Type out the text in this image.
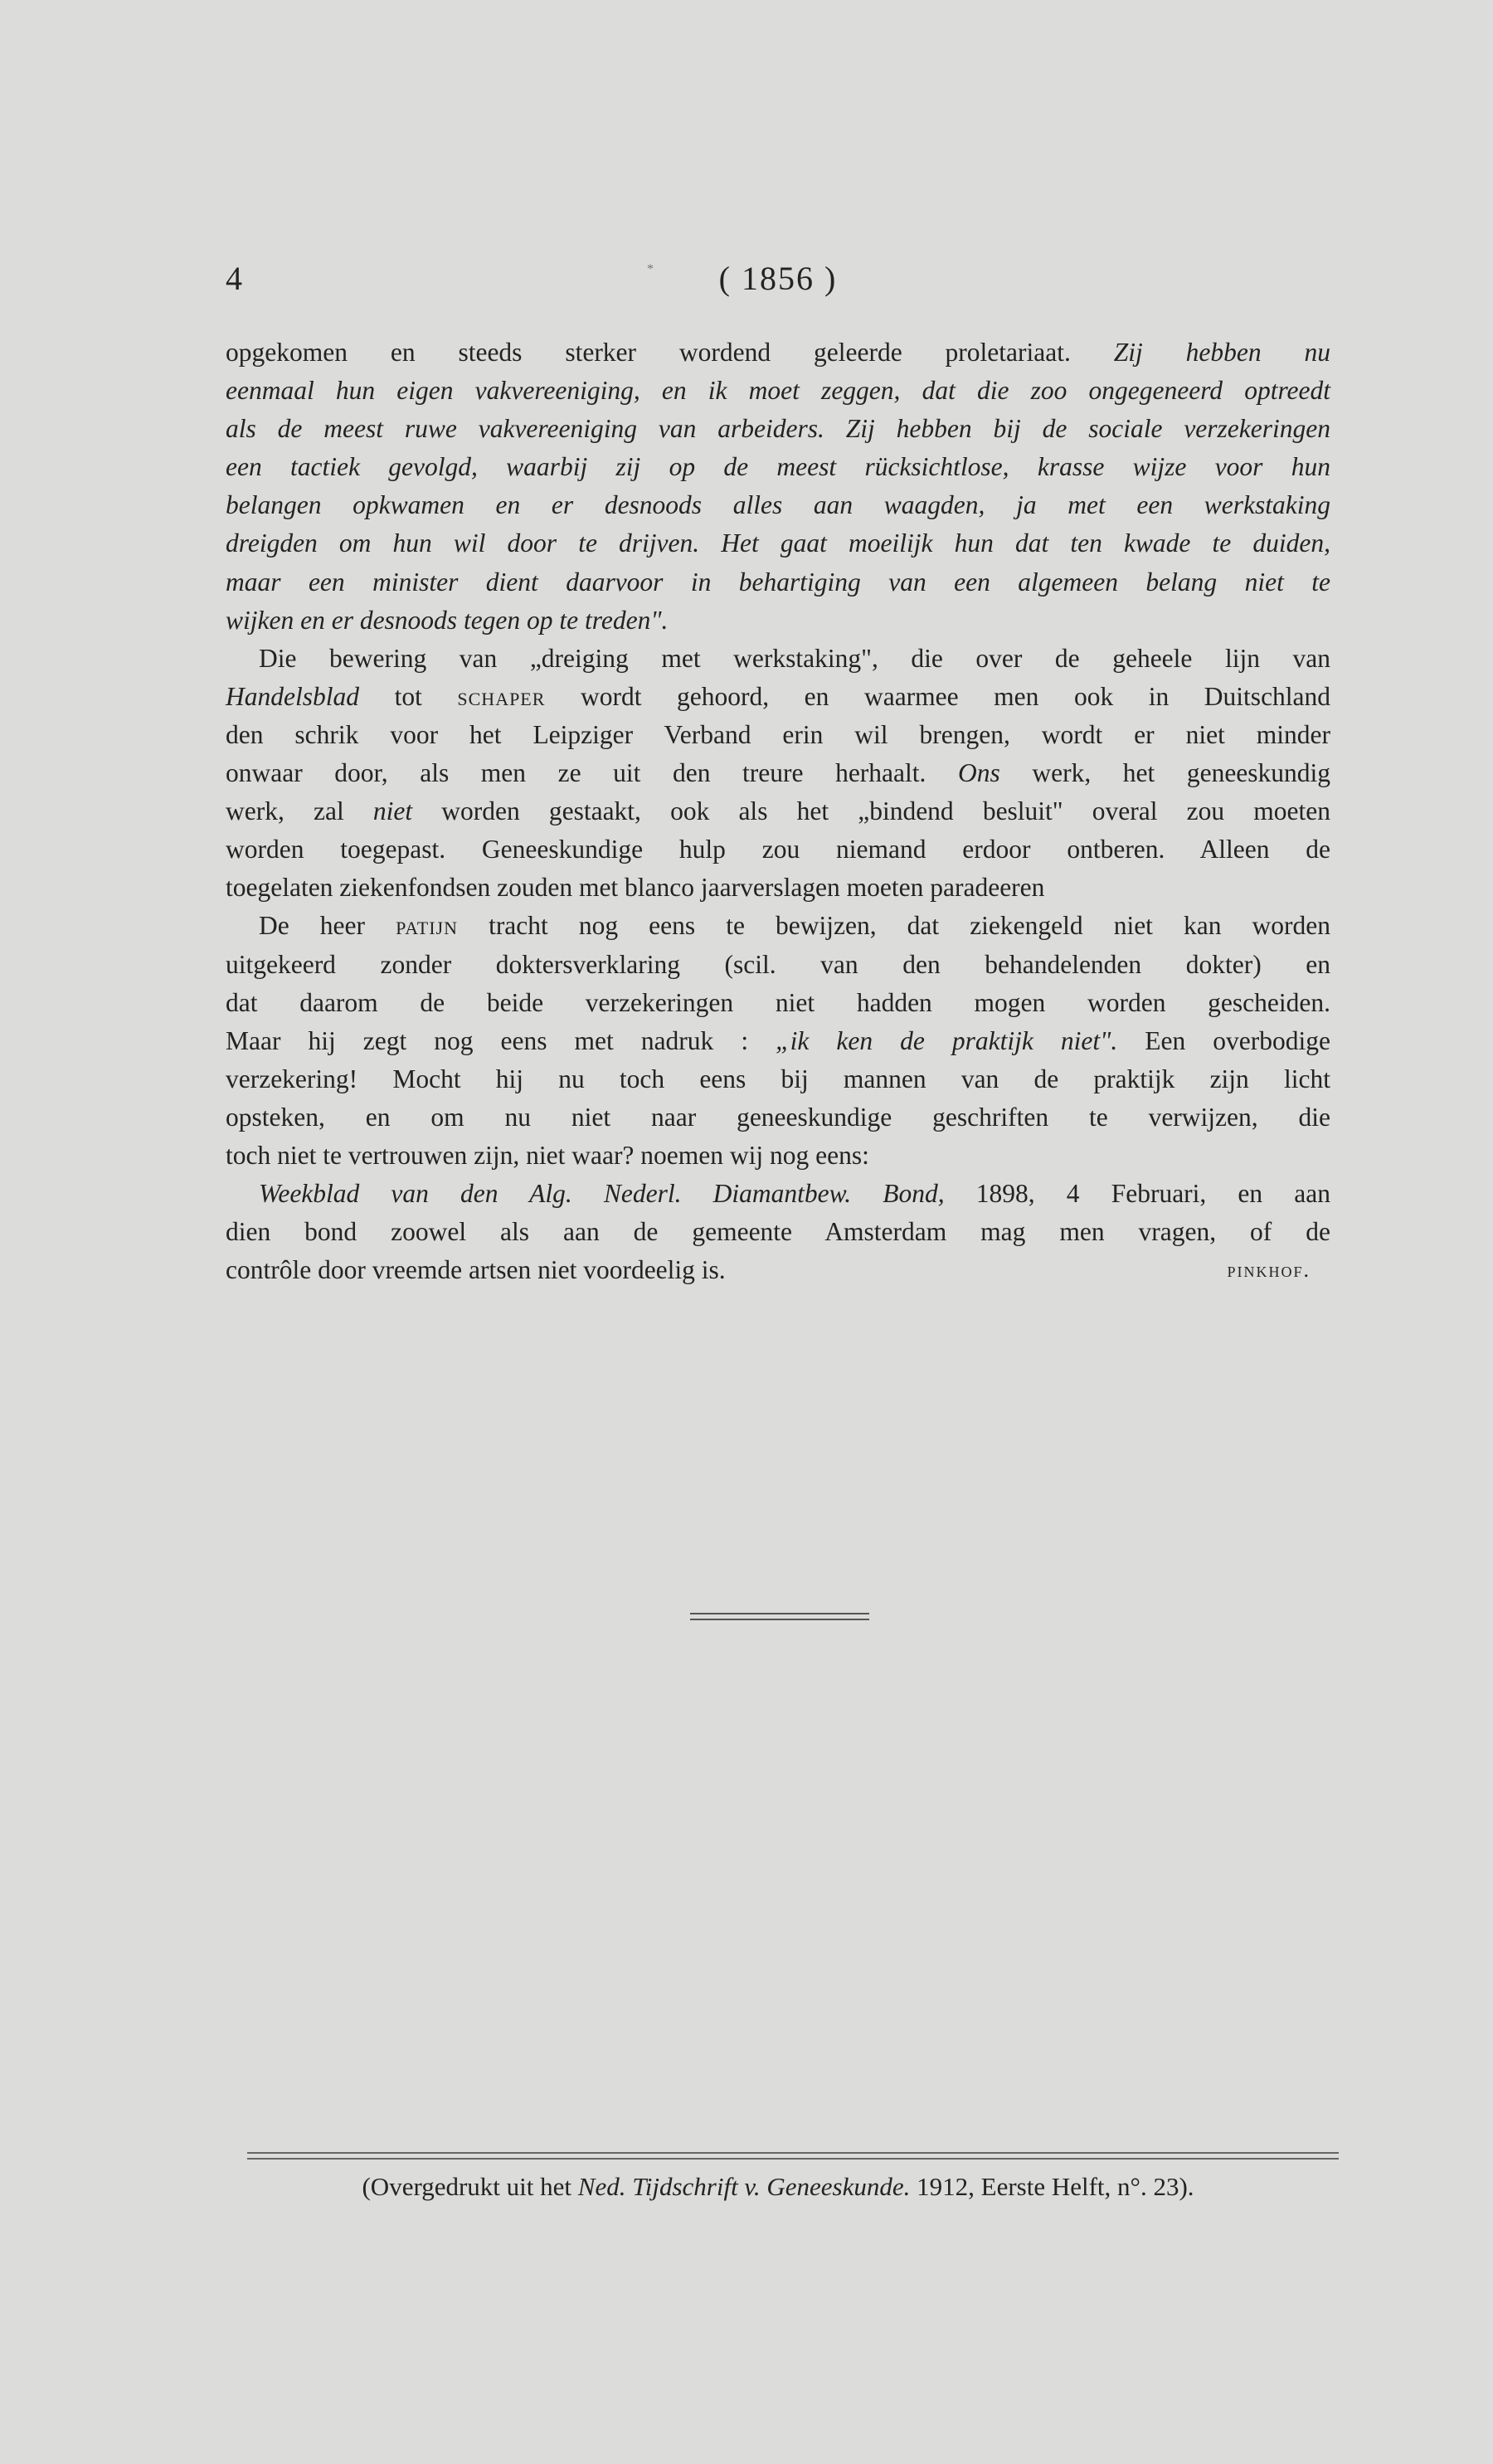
4	*	( 1856 )

opgekomen en steeds sterker wordend geleerde proletariaat. Zij hebben nu

eenmaal hun eigen vakvereeniging, en ik moet zeggen, dat die zoo ongegeneerd optreedt

als de meest ruwe vakvereeniging van arbeiders. Zij hebben bij de sociale verzekeringen

een tactiek gevolgd, waarbij zij op de meest rücksichtlose, krasse wijze voor hun

belangen opkwamen en er desnoods alles aan waagden, ja met een werkstaking

dreigden om hun wil door te drijven. Het gaat moeilijk hun dat ten kwade te duiden,

maar een minister dient daarvoor in behartiging van een algemeen belang niet te

wijken en er desnoods tegen op te treden".

Die bewering van „dreiging met werkstaking", die over de geheele lijn van

Handelsblad tot schaper wordt gehoord, en waarmee men ook in Duitschland

den schrik voor het Leipziger Verband erin wil brengen, wordt er niet minder

onwaar door, als men ze uit den treure herhaalt. Ons werk, het geneeskundig

werk, zal niet worden gestaakt, ook als het „bindend besluit" overal zou moeten

worden toegepast. Geneeskundige hulp zou niemand erdoor ontberen. Alleen de

toegelaten ziekenfondsen zouden met blanco jaarverslagen moeten paradeeren

De heer patijn tracht nog eens te bewijzen, dat ziekengeld niet kan worden

uitgekeerd zonder doktersverklaring (scil. van den behandelenden dokter) en

dat daarom de beide verzekeringen niet hadden mogen worden gescheiden.

Maar hij zegt nog eens met nadruk : „ik ken de praktijk niet". Een overbodige

verzekering! Mocht hij nu toch eens bij mannen van de praktijk zijn licht

opsteken, en om nu niet naar geneeskundige geschriften te verwijzen, die

toch niet te vertrouwen zijn, niet waar? noemen wij nog eens:

Weekblad van den Alg. Nederl. Diamantbew. Bond, 1898, 4 Februari, en aan

dien bond zoowel als aan de gemeente Amsterdam mag men vragen, of de

contrôle door vreemde artsen niet voordeelig is.	pinkhof.

(Overgedrukt uit het Ned. Tijdschrift v. Geneeskunde. 1912, Eerste Helft, n°. 23).
